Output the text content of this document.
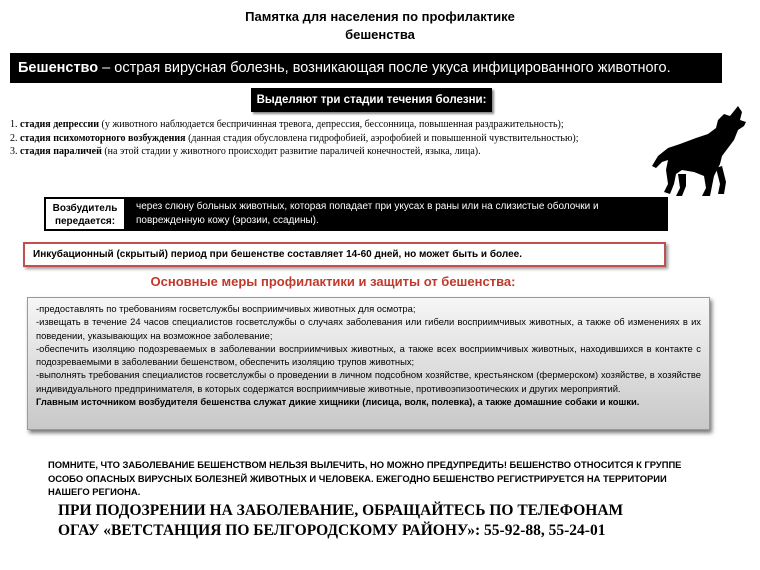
Памятка для населения по профилактике
бешенства
Бешенство – острая вирусная болезнь, возникающая после укуса инфицированного животного.
Выделяют три стадии течения болезни:

1. стадия депрессии (у животного наблюдается беспричинная тревога, депрессия, бессонница, повышенная раздражительность);

2. стадия психомоторного возбуждения (данная стадия обусловлена гидрофобией, аэрофобией и повышенной чувствительностью);

3. стадия параличей (на этой стадии у животного происходит развитие параличей конечностей, языка, лица).

Возбудитель
передается:
через слюну больных животных, которая попадает при укусах в раны или на слизистые оболочки и поврежденную кожу (эрозии, ссадины).
Инкубационный (скрытый) период при бешенстве составляет 14-60 дней, но может быть и более.
Основные меры профилактики и защиты от бешенства:

-предоставлять по требованиям госветслужбы восприимчивых животных для осмотра;

-извещать в течение 24 часов специалистов госветслужбы о случаях заболевания или гибели восприимчивых животных, а также об изменениях в их поведении, указывающих на возможное заболевание;

-обеспечить изоляцию подозреваемых в заболевании восприимчивых животных, а также всех восприимчивых животных, находившихся в контакте с подозреваемыми в заболевании бешенством, обеспечить изоляцию трупов животных;

-выполнять требования специалистов госветслужбы о проведении в личном подсобном хозяйстве, крестьянском (фермерском) хозяйстве, в хозяйстве индивидуального предпринимателя, в которых содержатся восприимчивые животные, противоэпизоотических и других мероприятий.

Главным источником возбудителя бешенства служат дикие хищники (лисица, волк, полевка), а также домашние собаки и кошки.

ПОМНИТЕ, ЧТО ЗАБОЛЕВАНИЕ БЕШЕНСТВОМ НЕЛЬЗЯ ВЫЛЕЧИТЬ, НО МОЖНО ПРЕДУПРЕДИТЬ! БЕШЕНСТВО ОТНОСИТСЯ К ГРУППЕ ОСОБО ОПАСНЫХ ВИРУСНЫХ БОЛЕЗНЕЙ ЖИВОТНЫХ И ЧЕЛОВЕКА. ЕЖЕГОДНО БЕШЕНСТВО РЕГИСТРИРУЕТСЯ НА ТЕРРИТОРИИ НАШЕГО РЕГИОНА.
ПРИ ПОДОЗРЕНИИ НА ЗАБОЛЕВАНИЕ, ОБРАЩАЙТЕСЬ ПО ТЕЛЕФОНАМ
ОГАУ «ВЕТСТАНЦИЯ ПО БЕЛГОРОДСКОМУ РАЙОНУ»: 55-92-88, 55-24-01
